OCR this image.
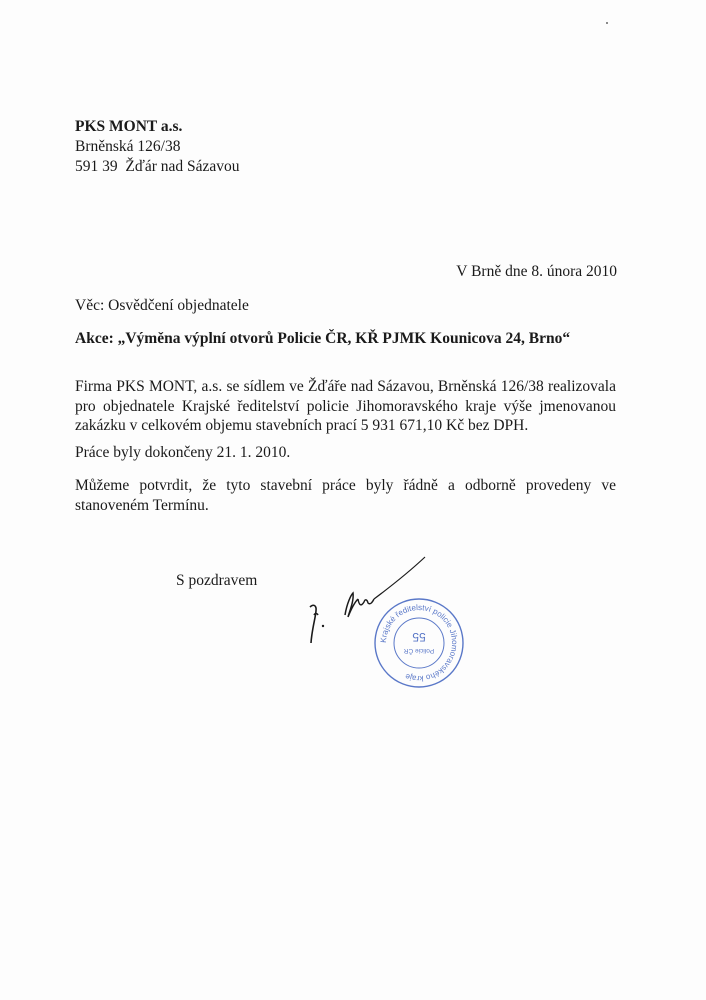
PKS MONT a.s.
Brněnská 126/38
591 39  Žďár nad Sázavou
V Brně dne 8. února 2010
Věc: Osvědčení objednatele
Akce: „Výměna výplní otvorů Policie ČR, KŘ PJMK Kounicova 24, Brno“
Firma PKS MONT, a.s. se sídlem ve Žďáře nad Sázavou, Brněnská 126/38 realizovala pro objednatele Krajské ředitelství policie Jihomoravského kraje výše jmenovanou zakázku v celkovém objemu stavebních prací 5 931 671,10 Kč bez DPH.
Práce byly dokončeny 21. 1. 2010.
Můžeme potvrdit, že tyto stavební práce byly řádně a odborně provedeny ve stanoveném Termínu.
S pozdravem
Krajské ředitelství policie Jihomoravského kraje
55
Policie ČR
